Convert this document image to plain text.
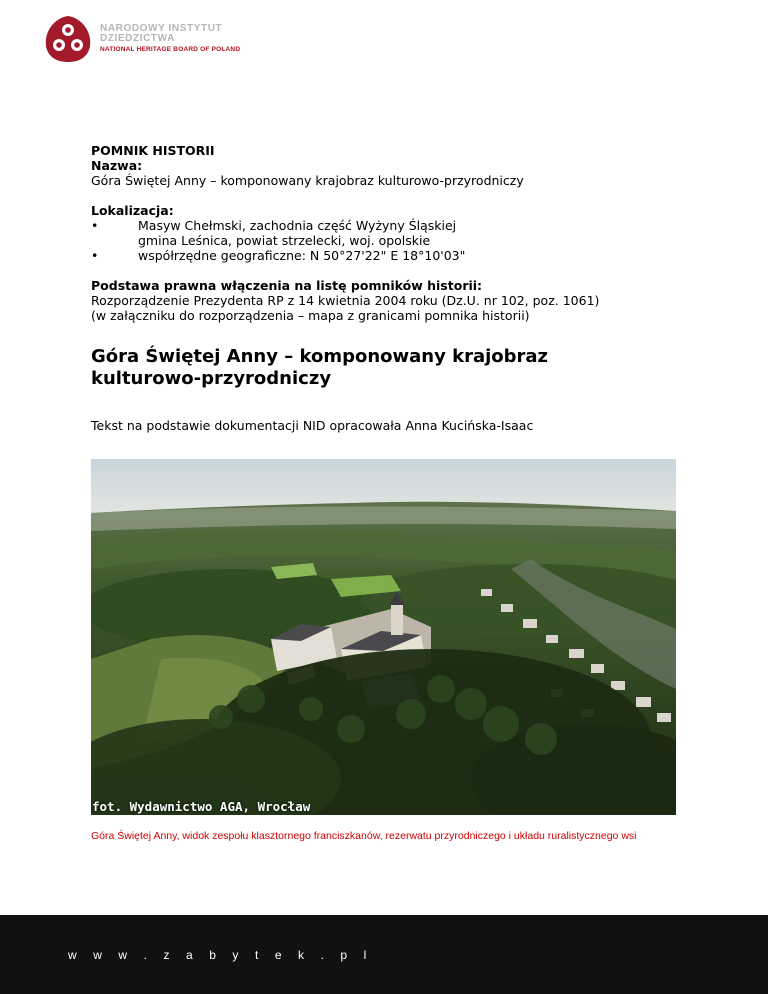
NARODOWY INSTYTUT
DZIEDZICTWA
NATIONAL HERITAGE BOARD OF POLAND
POMNIK HISTORII
Nazwa:
Góra Świętej Anny – komponowany krajobraz kulturowo-przyrodniczy
Lokalizacja:
•	Masyw Chełmski, zachodnia część Wyżyny Śląskiej
gmina Leśnica, powiat strzelecki, woj. opolskie
•	współrzędne geograficzne: N 50°27'22" E 18°10'03"
Podstawa prawna włączenia na listę pomników historii:
Rozporządzenie Prezydenta RP z 14 kwietnia 2004 roku (Dz.U. nr 102, poz. 1061)
(w załączniku do rozporządzenia – mapa z granicami pomnika historii)
Góra Świętej Anny – komponowany krajobraz kulturowo-przyrodniczy
Tekst na podstawie dokumentacji NID opracowała Anna Kucińska-Isaac
fot. Wydawnictwo AGA, Wrocław
Góra Świętej Anny, widok zespołu klasztornego franciszkanów, rezerwatu przyrodniczego i układu ruralistycznego wsi
w w w . z a b y t e k . p l
